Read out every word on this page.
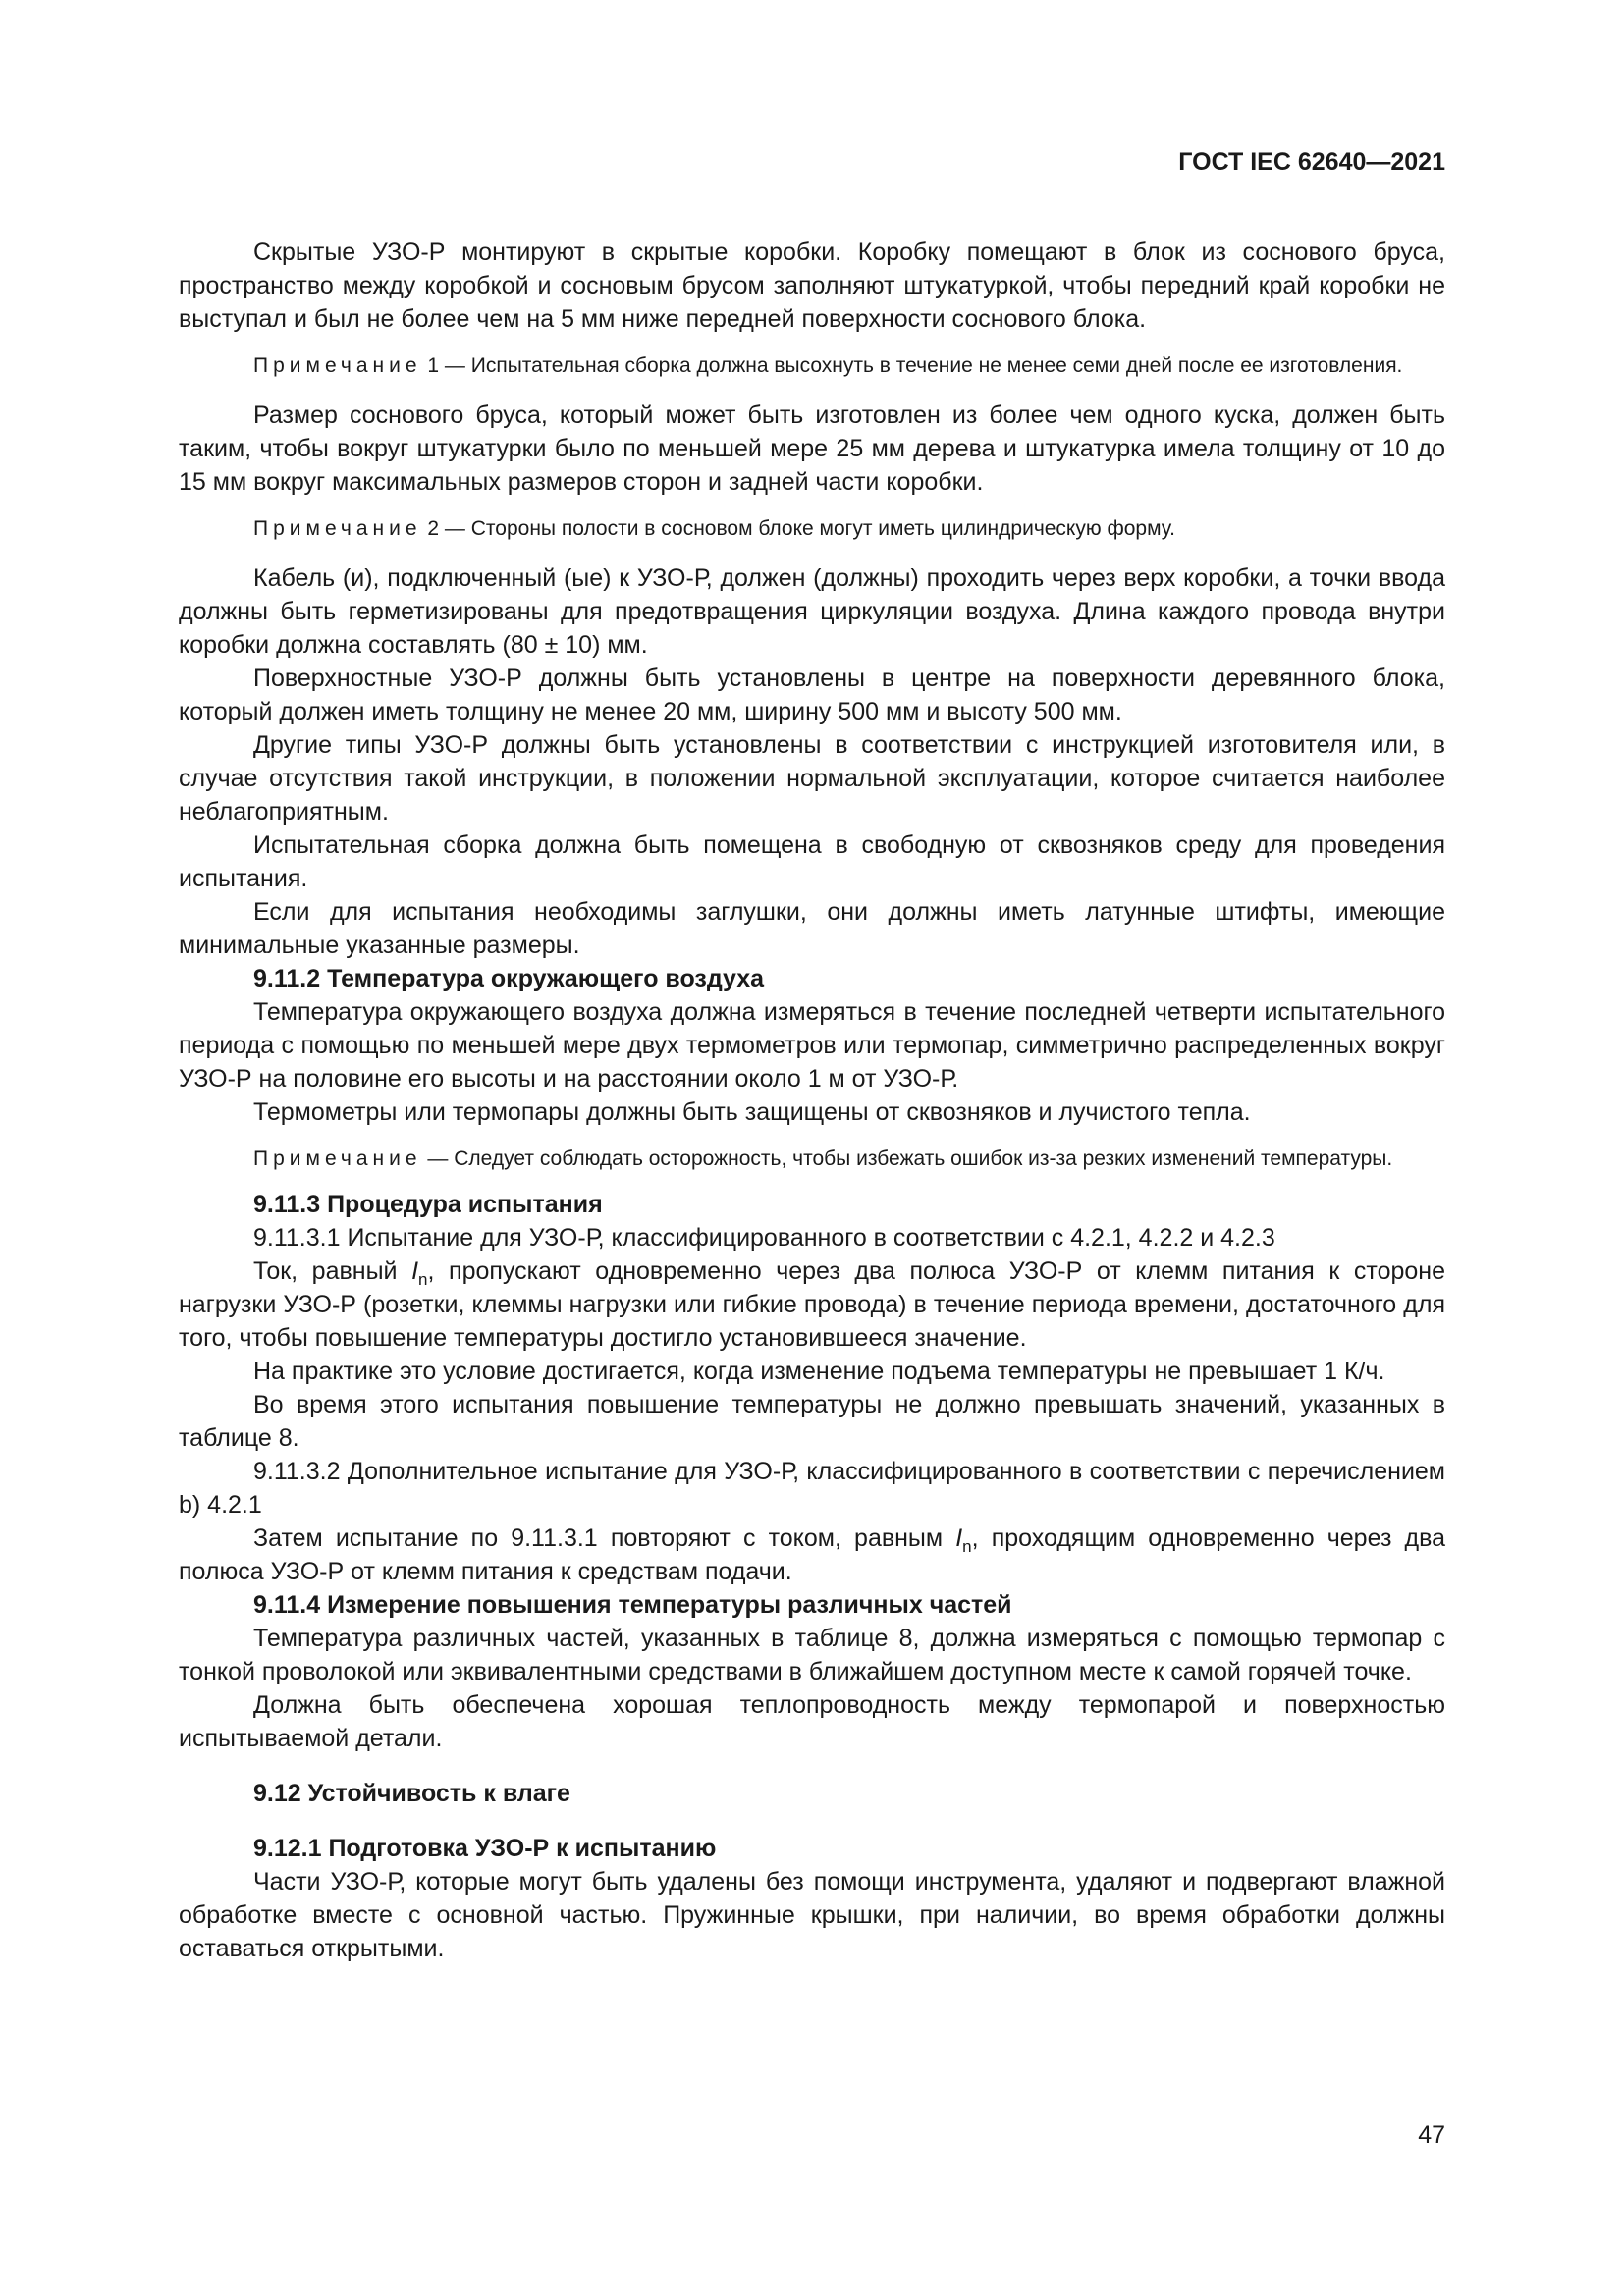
ГОСТ IEC 62640—2021

Скрытые УЗО-Р монтируют в скрытые коробки. Коробку помещают в блок из соснового бруса, пространство между коробкой и сосновым брусом заполняют штукатуркой, чтобы передний край коробки не выступал и был не более чем на 5 мм ниже передней поверхности соснового блока.

Примечание 1 — Испытательная сборка должна высохнуть в течение не менее семи дней после ее изготовления.

Размер соснового бруса, который может быть изготовлен из более чем одного куска, должен быть таким, чтобы вокруг штукатурки было по меньшей мере 25 мм дерева и штукатурка имела толщину от 10 до 15 мм вокруг максимальных размеров сторон и задней части коробки.

Примечание 2 — Стороны полости в сосновом блоке могут иметь цилиндрическую форму.

Кабель (и), подключенный (ые) к УЗО-Р, должен (должны) проходить через верх коробки, а точки ввода должны быть герметизированы для предотвращения циркуляции воздуха. Длина каждого провода внутри коробки должна составлять (80 ± 10) мм.

Поверхностные УЗО-Р должны быть установлены в центре на поверхности деревянного блока, который должен иметь толщину не менее 20 мм, ширину 500 мм и высоту 500 мм.

Другие типы УЗО-Р должны быть установлены в соответствии с инструкцией изготовителя или, в случае отсутствия такой инструкции, в положении нормальной эксплуатации, которое считается наиболее неблагоприятным.

Испытательная сборка должна быть помещена в свободную от сквозняков среду для проведения испытания.

Если для испытания необходимы заглушки, они должны иметь латунные штифты, имеющие минимальные указанные размеры.

9.11.2 Температура окружающего воздуха

Температура окружающего воздуха должна измеряться в течение последней четверти испытательного периода с помощью по меньшей мере двух термометров или термопар, симметрично распределенных вокруг УЗО-Р на половине его высоты и на расстоянии около 1 м от УЗО-Р.

Термометры или термопары должны быть защищены от сквозняков и лучистого тепла.

Примечание — Следует соблюдать осторожность, чтобы избежать ошибок из-за резких изменений температуры.

9.11.3 Процедура испытания

9.11.3.1 Испытание для УЗО-Р, классифицированного в соответствии с 4.2.1, 4.2.2 и 4.2.3

Ток, равный $I_n$, пропускают одновременно через два полюса УЗО-Р от клемм питания к стороне нагрузки УЗО-Р (розетки, клеммы нагрузки или гибкие провода) в течение периода времени, достаточного для того, чтобы повышение температуры достигло установившееся значение.

На практике это условие достигается, когда изменение подъема температуры не превышает 1 К/ч.

Во время этого испытания повышение температуры не должно превышать значений, указанных в таблице 8.

9.11.3.2 Дополнительное испытание для УЗО-Р, классифицированного в соответствии с перечислением b) 4.2.1

Затем испытание по 9.11.3.1 повторяют с током, равным $I_n$, проходящим одновременно через два полюса УЗО-Р от клемм питания к средствам подачи.

9.11.4 Измерение повышения температуры различных частей

Температура различных частей, указанных в таблице 8, должна измеряться с помощью термопар с тонкой проволокой или эквивалентными средствами в ближайшем доступном месте к самой горячей точке.

Должна быть обеспечена хорошая теплопроводность между термопарой и поверхностью испытываемой детали.

9.12 Устойчивость к влаге

9.12.1 Подготовка УЗО-Р к испытанию

Части УЗО-Р, которые могут быть удалены без помощи инструмента, удаляют и подвергают влажной обработке вместе с основной частью. Пружинные крышки, при наличии, во время обработки должны оставаться открытыми.

47
